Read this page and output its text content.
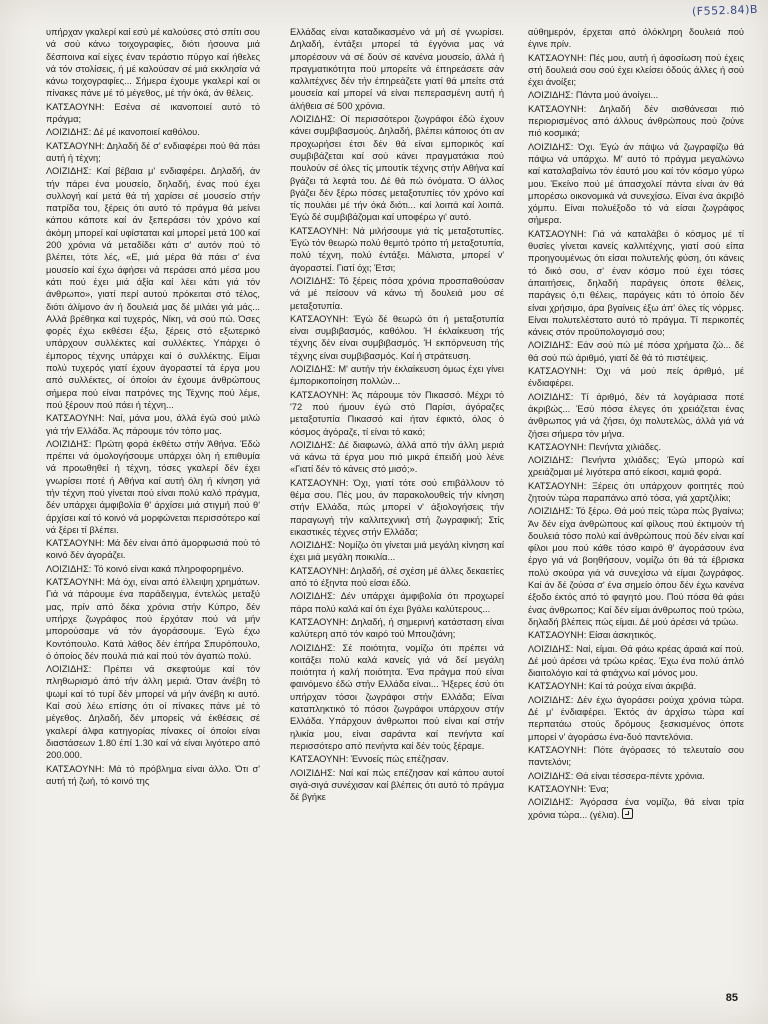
(F552.84)B

υπήρχαν γκαλερί καί εσύ μέ καλούσες στό σπίτι σου νά σού κάνω τοιχογραφίες, διότι ήσουνα μιά δέσποινα καί είχες έναν τεράστιο πύργο καί ήθελες νά τόν στολίσεις, ή μέ καλούσαν σέ μιά εκκλησία νά κάνω τοιχογραφίες... Σήμερα έχουμε γκαλερί καί οι πίνακες πάνε μέ τό μέγεθος, μέ τήν όκά, άν θέλεις.

ΚΑΤΣΑΟΥΝΗ: Εσένα σέ ικανοποιεί αυτό τό πράγμα;

ΛΟΙΖΙΔΗΣ: Δέ μέ ικανοποιεί καθόλου.

ΚΑΤΣΑΟΥΝΗ: Δηλαδή δέ σ' ενδιαφέρει πού θά πάει αυτή ή τέχνη;

ΛΟΙΖΙΔΗΣ: Καί βέβαια μ' ενδιαφέρει. Δηλαδή, άν τήν πάρει ένα μουσείο, δηλαδή, ένας πού έχει συλλογή καί μετά θά τή χαρίσει σέ μουσείο στήν πατρίδα του, ξέρεις ότι αυτό τό πράγμα θά μείνει κάπου κάποτε καί άν ξεπεράσει τόν χρόνο καί άκόμη μπορεί καί υφίσταται καί μπορεί μετά 100 καί 200 χρόνια νά μεταδίδει κάτι σ' αυτόν πού τό βλέπει, τότε λές, «Ε, μιά μέρα θά πάει σ' ένα μουσείο καί έχω άφήσει νά περάσει από μέσα μου κάτι πού έχει μιά άξία καί λέει κάτι γιά τόν άνθρωπο», γιατί περί αυτού πρόκειται στό τέλος, διότι άλίμονο άν ή δουλειά μας δέ μιλάει γιά μάς... Αλλά βρέθηκα καί τυχερός, Νίκη, νά σού πώ. Όσες φορές έχω εκθέσει έξω, ξέρεις στό εξωτερικό υπάρχουν συλλέκτες καί συλλέκτες. Υπάρχει ό έμπορος τέχνης υπάρχει καί ό συλλέκτης. Είμαι πολύ τυχερός γιατί έχουν άγοραστεί τά έργα μου από συλλέκτες, οί όποίοι άν έχουμε άνθρώπους σήμερα πού είναι πατρόνες της Τέχνης πού λέμε, πού ξέρουν πού πάει ή τέχνη...

ΚΑΤΣΑΟΥΝΗ: Ναί, μάνα μου, άλλά έγώ σού μιλώ γιά τήν Ελλάδα. Άς πάρουμε τόν τόπο μας.

ΛΟΙΖΙΔΗΣ: Πρώτη φορά έκθέτω στήν Άθήνα. Έδώ πρέπει νά όμολογήσουμε υπάρχει όλη ή επιθυμία νά προωθηθεί ή τέχνη, τόσες γκαλερί δέν έχει γνωρίσει ποτέ ή Αθήνα καί αυτή όλη ή κίνηση γιά τήν τέχνη πού γίνεται πού είναι πολύ καλό πράγμα, δέν υπάρχει άμφιβολία θ' άρχίσει μιά στιγμή πού θ' άρχίσει καί τό κοινό νά μορφώνεται περισσότερο καί νά ξέρει τί βλέπει.

ΚΑΤΣΑΟΥΝΗ: Μά δέν είναι άπό άμορφωσιά πού τό κοινό δέν άγοράζει.

ΛΟΙΖΙΔΗΣ: Τό κοινό είναι κακά πληροφορημένο.

ΚΑΤΣΑΟΥΝΗ: Μά όχι, είναι από έλλειψη χρημάτων. Γιά νά πάρουμε ένα παράδειγμα, έντελώς μεταξύ μας, πρίν από δέκα χρόνια στήν Κύπρο, δέν υπήρχε ζωγράφος πού έρχόταν πού νά μήν μπορούσαμε νά τόν άγοράσουμε. Έγώ έχω Κοντόπουλο. Κατά λάθος δέν έπήρα Σπυρόπουλο, ό όποίος δέν πουλά πιά καί πού τόν άγαπώ πολύ.

ΛΟΙΖΙΔΗΣ: Πρέπει νά σκεφτούμε καί τόν πληθωρισμό άπό τήν άλλη μεριά. Όταν άνέβη τό ψωμί καί τό τυρί δέν μπορεί νά μήν άνέβη κι αυτό. Καί σού λέω επίσης ότι οί πίνακες πάνε μέ τό μέγεθος. Δηλαδή, δέν μπορείς νά έκθέσεις σέ γκαλερί άλφα κατηγορίας πίνακες οί όποίοι είναι διαστάσεων 1.80 έπί 1.30 καί νά είναι λιγότερο από 200.000.

ΚΑΤΣΑΟΥΝΗ: Μά τό πρόβλημα είναι άλλο. Ότι σ' αυτή τή ζωή, τό κοινό της

Ελλάδας είναι καταδικασμένο νά μή σέ γνωρίσει. Δηλαδή, έντάξει μπορεί τά έγγόνια μας νά μπορέσουν νά σέ δούν σέ κανένα μουσείο, άλλά ή πραγματικότητα πού μπορείτε νά έπηρεάσετε σάν καλλιτέχνες δέν τήν έπηρεάζετε γιατί θά μπείτε στά μουσεία καί μπορεί νά είναι πεπερασμένη αυτή ή άλήθεια σέ 500 χρόνια.

ΛΟΙΖΙΔΗΣ: Οί περισσότεροι ζωγράφοι έδώ έχουν κάνει συμβιβασμούς. Δηλαδή, βλέπει κάποιος ότι αν προχωρήσει έτσι δέν θά είναι εμπορικός καί συμβιβάζεται καί σού κάνει πραγματάκια πού πουλούν σέ όλες τίς μπουτίκ τέχνης στήν Αθήνα καί βγάζει τά λεφτά του. Δέ θά πώ όνόματα. Ό άλλος βγάζει δέν ξέρω πόσες μεταξοτυπίες τόν χρόνο καί τίς πουλάει μέ τήν όκά διότι... καί λοιπά καί λοιπά. Έγώ δέ συμβιβάζομαι καί υποφέρω γι' αυτό.

ΚΑΤΣΑΟΥΝΗ: Νά μιλήσουμε γιά τίς μεταξοτυπίες. Έγώ τόν θεωρώ πολύ θεμιτό τρόπο τή μεταξοτυπία, πολύ τέχνη, πολύ έντάξει. Μάλιστα, μπορεί ν' άγοραστεί. Γιατί όχι; Έτσι;

ΛΟΙΖΙΔΗΣ: Τό ξέρεις πόσα χρόνια προσπαθούσαν νά μέ πείσουν νά κάνω τή δουλειά μου σέ μεταξοτυπία.

ΚΑΤΣΑΟΥΝΗ: Έγώ δέ θεωρώ ότι ή μεταξοτυπία είναι συμβιβασμός, καθόλου. Ή έκλαίκευση τής τέχνης δέν είναι συμβιβασμός. Ή εκπόρνευση τής τέχνης είναι συμβιβασμός. Καί ή στράτευση.

ΛΟΙΖΙΔΗΣ: Μ' αυτήν τήν έκλαίκευση όμως έχει γίνει έμπορικοποίηση πολλών...

ΚΑΤΣΑΟΥΝΗ: Άς πάρουμε τόν Πικασσό. Μέχρι τό '72 πού ήμουν έγώ στό Παρίσι, άγόραζες μεταξοτυπία Πικασσό καί ήταν έφικτό, όλος ό κόσμος άγόραζε, τί είναι τό κακό;

ΛΟΙΖΙΔΗΣ: Δέ διαφωνώ, άλλά από τήν άλλη μεριά νά κάνω τά έργα μου πιό μικρά έπειδή μού λένε «Γιατί δέν τό κάνεις στό μισό;».

ΚΑΤΣΑΟΥΝΗ: Όχι, γιατί τότε σού επιβάλλουν τό θέμα σου. Πές μου, άν παρακολουθείς τήν κίνηση στήν Ελλάδα, πώς μπορεί ν' άξιολογήσεις τήν παραγωγή τήν καλλιτεχνική στή ζωγραφική; Στίς εικαστικές τέχνες στήν Ελλάδα;

ΛΟΙΖΙΔΗΣ: Νομίζω ότι γίνεται μιά μεγάλη κίνηση καί έχει μιά μεγάλη ποικιλία...

ΚΑΤΣΑΟΥΝΗ: Δηλαδή, σέ σχέση μέ άλλες δεκαετίες από τό έξηντα πού είσαι έδώ.

ΛΟΙΖΙΔΗΣ: Δέν υπάρχει άμφιβολία ότι προχωρεί πάρα πολύ καλά καί ότι έχει βγάλει καλύτερους...

ΚΑΤΣΑΟΥΝΗ: Δηλαδή, ή σημερινή κατάσταση είναι καλύτερη από τόν καιρό τού Μπουζιάνη;

ΛΟΙΖΙΔΗΣ: Σέ ποιότητα, νομίζω ότι πρέπει νά κοιτάξει πολύ καλά κανείς γιά νά δεί μεγάλη ποιότητα ή καλή ποιότητα. Ένα πράγμα πού είναι φαινόμενο έδώ στήν Ελλάδα είναι... Ήξερες έσύ ότι υπήρχαν τόσοι ζωγράφοι στήν Ελλάδα; Είναι καταπληκτικό τό πόσοι ζωγράφοι υπάρχουν στήν Ελλάδα. Υπάρχουν άνθρωποι πού είναι καί στήν ηλικία μου, είναι σαράντα καί πενήντα καί περισσότερο από πενήντα καί δέν τούς ξέραμε.

ΚΑΤΣΑΟΥΝΗ: Έννοείς πώς επέζησαν.

ΛΟΙΖΙΔΗΣ: Ναί καί πώς επέζησαν καί κάπου αυτοί σιγά-σιγά συνέχισαν καί βλέπεις ότι αυτό τό πράγμα δέ βγήκε

αύθημερόν, έρχεται από όλόκληρη δουλειά πού έγινε πρίν.

ΚΑΤΣΑΟΥΝΗ: Πές μου, αυτή ή άφοσίωση πού έχεις στή δουλειά σου σού έχει κλείσει όδούς άλλες ή σού έχει άνοίξει;

ΛΟΙΖΙΔΗΣ: Πάντα μού άνοίγει...

ΚΑΤΣΑΟΥΝΗ: Δηλαδή δέν αισθάνεσαι πιό περιορισμένος από άλλους άνθρώπους πού ζούνε πιό κοσμικά;

ΛΟΙΖΙΔΗΣ: Όχι. Έγώ άν πάψω νά ζωγραφίζω θά πάψω νά υπάρχω. Μ' αυτό τό πράγμα μεγαλώνω καί καταλαβαίνω τόν έαυτό μου καί τόν κόσμο γύρω μου. Έκείνο πού μέ άπασχολεί πάντα είναι άν θά μπορέσω οικονομικά νά συνεχίσω. Είναι ένα άκριβό χόμπυ. Είναι πολυέξοδο τό νά είσαι ζωγράφος σήμερα.

ΚΑΤΣΑΟΥΝΗ: Γιά νά καταλάβει ό κόσμος μέ τί θυσίες γίνεται κανείς καλλιτέχνης, γιατί σού είπα προηγουμένως ότι είσαι πολυτελής φύση, ότι κάνεις τό δικό σου, σ' έναν κόσμο πού έχει τόσες άπαιτήσεις, δηλαδή παράγεις όποτε θέλεις, παράγεις ό,τι θέλεις, παράγεις κάτι τό όποίο δέν είναι χρήσιμο, άρα βγαίνεις έξω άπ' όλες τίς νόρμες. Είναι πολυτελέστατο αυτό τό πράγμα. Τί περικοπές κάνεις στόν προϋπολογισμό σου;

ΛΟΙΖΙΔΗΣ: Εάν σού πώ μέ πόσα χρήματα ζώ... δέ θά σού πώ άριθμό, γιατί δέ θά τό πιστέψεις.

ΚΑΤΣΑΟΥΝΗ: Όχι νά μού πείς άριθμό, μέ ένδιαφέρει.

ΛΟΙΖΙΔΗΣ: Τί άριθμό, δέν τά λογάριασα ποτέ άκριβώς... Έσύ πόσα έλεγες ότι χρειάζεται ένας άνθρωπος γιά νά ζήσει, όχι πολυτελώς, άλλά γιά νά ζήσει σήμερα τόν μήνα.

ΚΑΤΣΑΟΥΝΗ: Πενήντα χιλιάδες.

ΛΟΙΖΙΔΗΣ: Πενήντα χιλιάδες; Έγώ μπορώ καί χρειάζομαι μέ λιγότερα από είκοσι, καμιά φορά.

ΚΑΤΣΑΟΥΝΗ: Ξέρεις ότι υπάρχουν φοιτητές πού ζητούν τώρα παραπάνω από τόσα, γιά χαρτζιλίκι;

ΛΟΙΖΙΔΗΣ: Τό ξέρω. Θά μού πείς τώρα πώς βγαίνω; Άν δέν είχα άνθρώπους καί φίλους πού έκτιμούν τή δουλειά τόσο πολύ καί άνθρώπους πού δέν είναι καί φίλοι μου πού κάθε τόσο καιρό θ' άγοράσουν ένα έργο γιά νά βοηθήσουν, νομίζω ότι θά τά έβρισκα πολύ σκούρα γιά νά συνεχίσω νά είμαι ζωγράφος. Καί άν δέ ζούσα σ' ένα σημείο όπου δέν έχω κανένα έξοδο έκτός από τό φαγητό μου. Πού πόσα θά φάει ένας άνθρωπος; Καί δέν είμαι άνθρωπος πού τρώω, δηλαδή βλέπεις πώς είμαι. Δέ μού άρέσει νά τρώω.

ΚΑΤΣΑΟΥΝΗ: Είσαι άσκητικός.

ΛΟΙΖΙΔΗΣ: Ναί, είμαι. Θά φάω κρέας άραιά καί πού. Δέ μού άρέσει νά τρώω κρέας. Έχω ένα πολύ άπλό διαιτολόγιο καί τά φτιάχνω καί μόνος μου.

ΚΑΤΣΑΟΥΝΗ: Καί τά ρούχα είναι άκριβά.

ΛΟΙΖΙΔΗΣ: Δέν έχω άγοράσει ρούχα χρόνια τώρα. Δέ μ' ένδιαφέρει. Έκτός άν άρχίσω τώρα καί περπατάω στούς δρόμους ξεσκισμένος όποτε μπορεί ν' άγοράσω ένα-δυό παντελόνια.

ΚΑΤΣΑΟΥΝΗ: Πότε άγόρασες τό τελευταίο σου παντελόνι;

ΛΟΙΖΙΔΗΣ: Θά είναι τέσσερα-πέντε χρόνια.

ΚΑΤΣΑΟΥΝΗ: Ένα;

ΛΟΙΖΙΔΗΣ: Άγόρασα ένα νομίζω, θά είναι τρία χρόνια τώρα... (γέλια).

85
